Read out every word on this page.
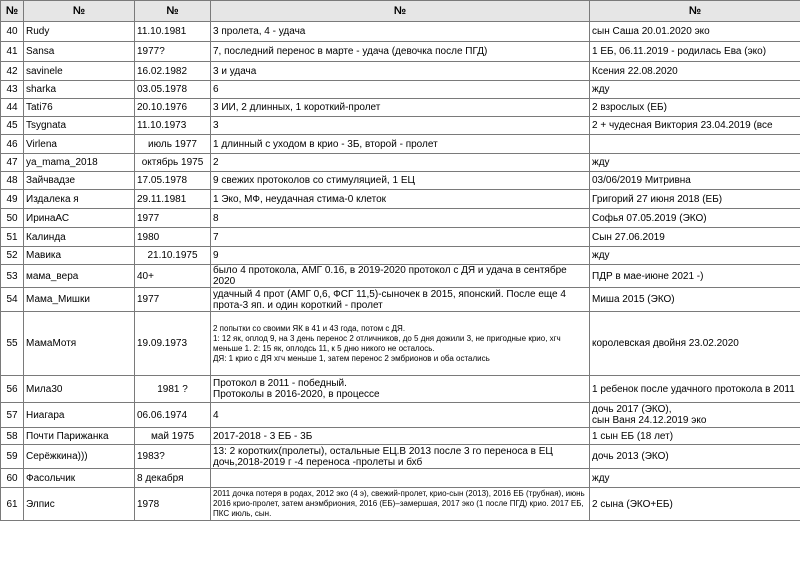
№	№	№	№	№
40	Rudy	11.10.1981	3 пролета, 4 - удача	сын Саша 20.01.2020 эко
41	Sansa	1977?	7, последний перенос в марте - удача (девочка после ПГД)	1 ЕБ, 06.11.2019 - родилась Ева (эко)
42	savinele	16.02.1982	3 и удача	Ксения 22.08.2020
43	sharka	03.05.1978	6	жду
44	Tati76	20.10.1976	3 ИИ, 2 длинных, 1 короткий-пролет	2 взрослых (ЕБ)
45	Tsygnata	11.10.1973	3	2 + чудесная Виктория 23.04.2019 (все
46	Virlena	июль 1977	1 длинный с уходом в крио - 3Б, второй - пролет	
47	ya_mama_2018	октябрь 1975	2	жду
48	Зайчвадзе	17.05.1978	9 свежих протоколов со стимуляцией, 1 ЕЦ	03/06/2019 Митривна
49	Издалека я	29.11.1981	1 Эко, МФ, неудачная стима-0 клеток	Григорий 27 июня 2018 (ЕБ)
50	ИринаАС	1977	8	Софья 07.05.2019 (ЭКО)
51	Калинда	1980	7	Сын 27.06.2019
52	Мавика	21.10.1975	9	жду
53	мама_вера	40+	было 4 протокола, АМГ 0.16, в 2019-2020 протокол с ДЯ и удача в сентябре 2020	ПДР в мае-июне 2021 -)
54	Мама_Мишки	1977	удачный 4 прот (АМГ 0,6, ФСГ 11,5)-сыночек в 2015, японский. После еще 4 прота-3 яп. и один короткий - пролет	Миша 2015 (ЭКО)
55	МамаМотя	19.09.1973	2 попытки со своими ЯК в 41 и 43 года, потом с ДЯ.
1: 12 як, оплод 9, на 3 день перенос 2 отличников, до 5 дня дожили 3, не пригодные крио, хгч меньше 1. 2: 15 як, оплодсь 11, к 5 дню никого не осталось.
ДЯ: 1 крио с ДЯ хгч меньше 1, затем перенос 2 эмбрионов и оба остались	королевская двойня 23.02.2020
56	Мила30	1981 ?	Протокол в 2011 - победный.
Протоколы в 2016-2020, в процессе	1 ребенок после удачного протокола в 2011
57	Ниагара	06.06.1974	4	дочь 2017 (ЭКО),
сын Ваня 24.12.2019 эко
58	Почти Парижанка	май 1975	2017-2018 - 3 ЕБ - 3Б	1 сын ЕБ (18 лет)
59	Серёжкина)))	1983?	13: 2 коротких(пролеты), остальные ЕЦ.В 2013 после 3 го переноса в ЕЦ дочь,2018-2019 г -4 переноса -пролеты и бхб	дочь 2013 (ЭКО)
60	Фасольчик	8 декабря		жду
61	Элпис	1978	2011 дочка потеря в родах, 2012 эко (4 э), свежий-пролет, крио-сын (2013), 2016 ЕБ (трубная), июнь 2016 крио-пролет, затем анэмбриония, 2016 (ЕБ)–замершая, 2017 эко (1 после ПГД) крио. 2017 ЕБ, ПКС июль, сын.	2 сына (ЭКО+ЕБ)
